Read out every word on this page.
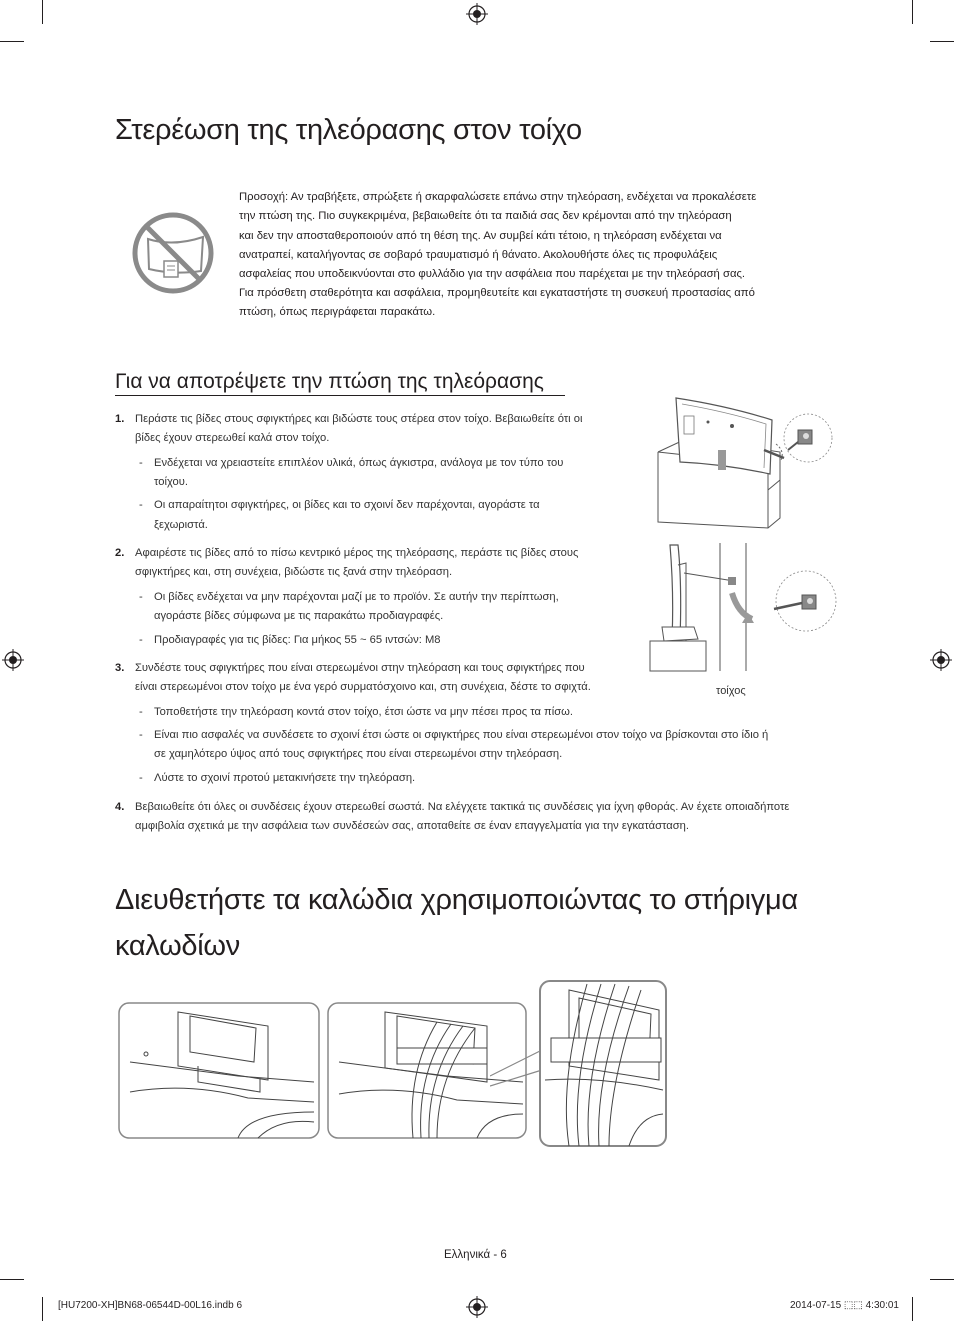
Στερέωση της τηλεόρασης στον τοίχο
Προσοχή: Αν τραβήξετε, σπρώξετε ή σκαρφαλώσετε επάνω στην τηλεόραση, ενδέχεται να προκαλέσετε
την πτώση της. Πιο συγκεκριμένα, βεβαιωθείτε ότι τα παιδιά σας δεν κρέμονται από την τηλεόραση
και δεν την αποσταθεροποιούν από τη θέση της. Αν συμβεί κάτι τέτοιο, η τηλεόραση ενδέχεται να
ανατραπεί, καταλήγοντας σε σοβαρό τραυματισμό ή θάνατο. Ακολουθήστε όλες τις προφυλάξεις
ασφαλείας που υποδεικνύονται στο φυλλάδιο για την ασφάλεια που παρέχεται με την τηλεόρασή σας.
Για πρόσθετη σταθερότητα και ασφάλεια, προμηθευτείτε και εγκαταστήστε τη συσκευή προστασίας από
πτώση, όπως περιγράφεται παρακάτω.
Για να αποτρέψετε την πτώση της τηλεόρασης
1. Περάστε τις βίδες στους σφιγκτήρες και βιδώστε τους στέρεα στον τοίχο. Βεβαιωθείτε ότι οι
βίδες έχουν στερεωθεί καλά στον τοίχο.
- Ενδέχεται να χρειαστείτε επιπλέον υλικά, όπως άγκιστρα, ανάλογα με τον τύπο του
τοίχου.
- Οι απαραίτητοι σφιγκτήρες, οι βίδες και το σχοινί δεν παρέχονται, αγοράστε τα
ξεχωριστά.
2. Αφαιρέστε τις βίδες από το πίσω κεντρικό μέρος της τηλεόρασης, περάστε τις βίδες στους
σφιγκτήρες και, στη συνέχεια, βιδώστε τις ξανά στην τηλεόραση.
- Οι βίδες ενδέχεται να μην παρέχονται μαζί με το προϊόν. Σε αυτήν την περίπτωση,
αγοράστε βίδες σύμφωνα με τις παρακάτω προδιαγραφές.
- Προδιαγραφές για τις βίδες: Για μήκος 55 ~ 65 ιντσών: M8
3. Συνδέστε τους σφιγκτήρες που είναι στερεωμένοι στην τηλεόραση και τους σφιγκτήρες που
είναι στερεωμένοι στον τοίχο με ένα γερό συρματόσχοινο και, στη συνέχεια, δέστε το σφιχτά.
- Τοποθετήστε την τηλεόραση κοντά στον τοίχο, έτσι ώστε να μην πέσει προς τα πίσω.
- Είναι πιο ασφαλές να συνδέσετε το σχοινί έτσι ώστε οι σφιγκτήρες που είναι στερεωμένοι στον τοίχο να βρίσκονται στο ίδιο ή
σε χαμηλότερο ύψος από τους σφιγκτήρες που είναι στερεωμένοι στην τηλεόραση.
- Λύστε το σχοινί προτού μετακινήσετε την τηλεόραση.
4. Βεβαιωθείτε ότι όλες οι συνδέσεις έχουν στερεωθεί σωστά. Να ελέγχετε τακτικά τις συνδέσεις για ίχνη φθοράς. Αν έχετε οποιαδήποτε
αμφιβολία σχετικά με την ασφάλεια των συνδέσεών σας, αποταθείτε σε έναν επαγγελματία για την εγκατάσταση.
τοίχος
Διευθετήστε τα καλώδια χρησιμοποιώντας το στήριγμα
καλωδίων
Ελληνικά - 6
[HU7200-XH]BN68-06544D-00L16.indb 6	2014-07-15 ⬚⬚ 4:30:01
